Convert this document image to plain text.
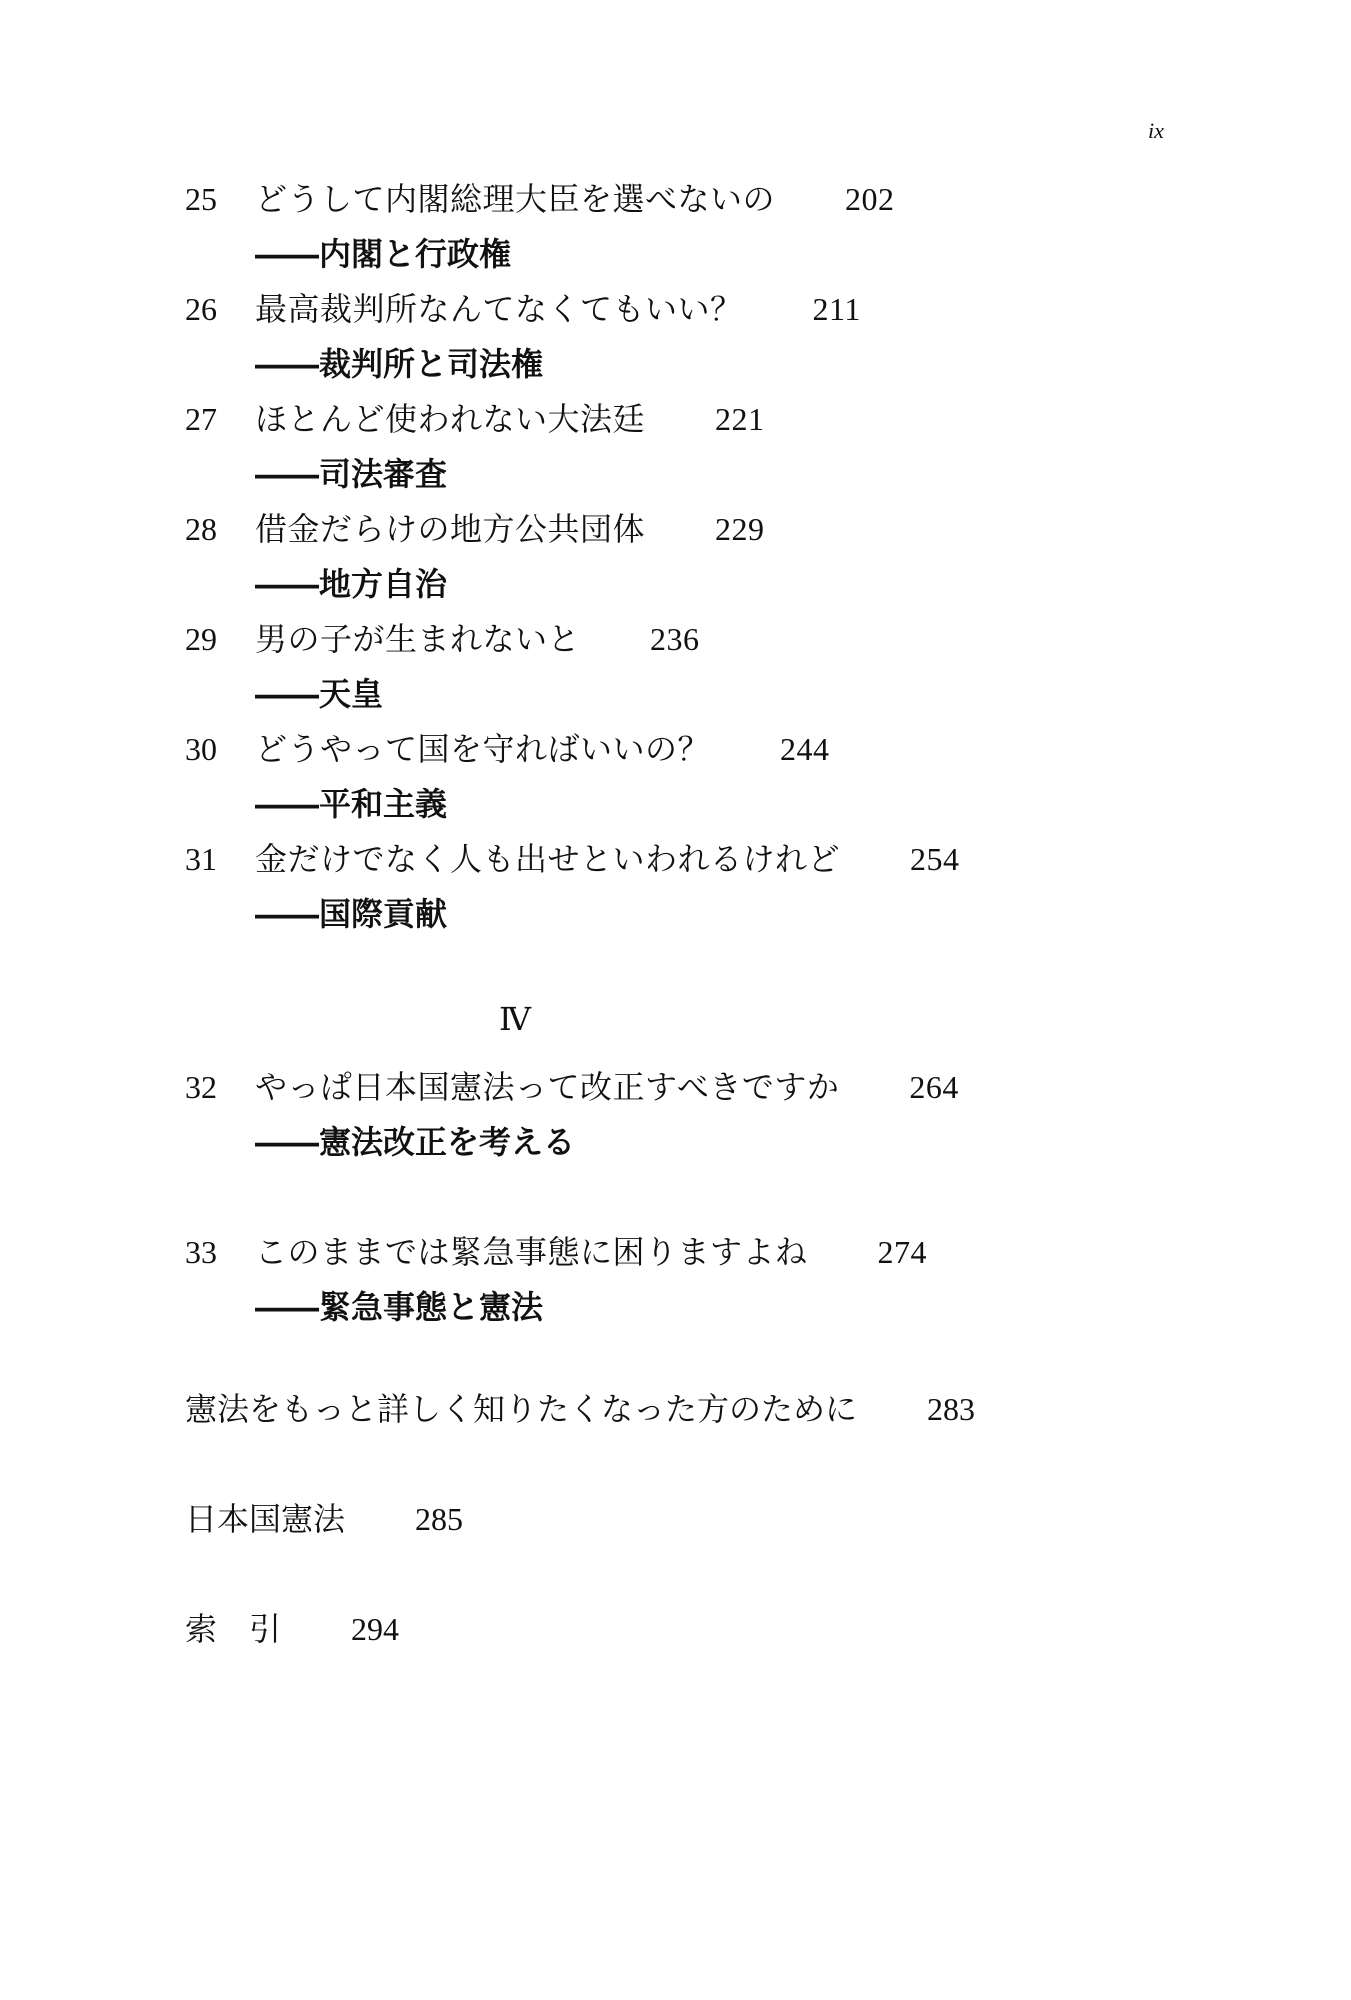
ix
25	どうして内閣総理大臣を選べないの 202
――内閣と行政権
26	最高裁判所なんてなくてもいい？ 211
――裁判所と司法権
27	ほとんど使われない大法廷 221
――司法審査
28	借金だらけの地方公共団体 229
――地方自治
29	男の子が生まれないと 236
――天皇
30	どうやって国を守ればいいの？ 244
――平和主義
31	金だけでなく人も出せといわれるけれど 254
――国際貢献
Ⅳ
32	やっぱ日本国憲法って改正すべきですか 264
――憲法改正を考える
33	このままでは緊急事態に困りますよね 274
――緊急事態と憲法
憲法をもっと詳しく知りたくなった方のために 283
日本国憲法 285
索　引 294
